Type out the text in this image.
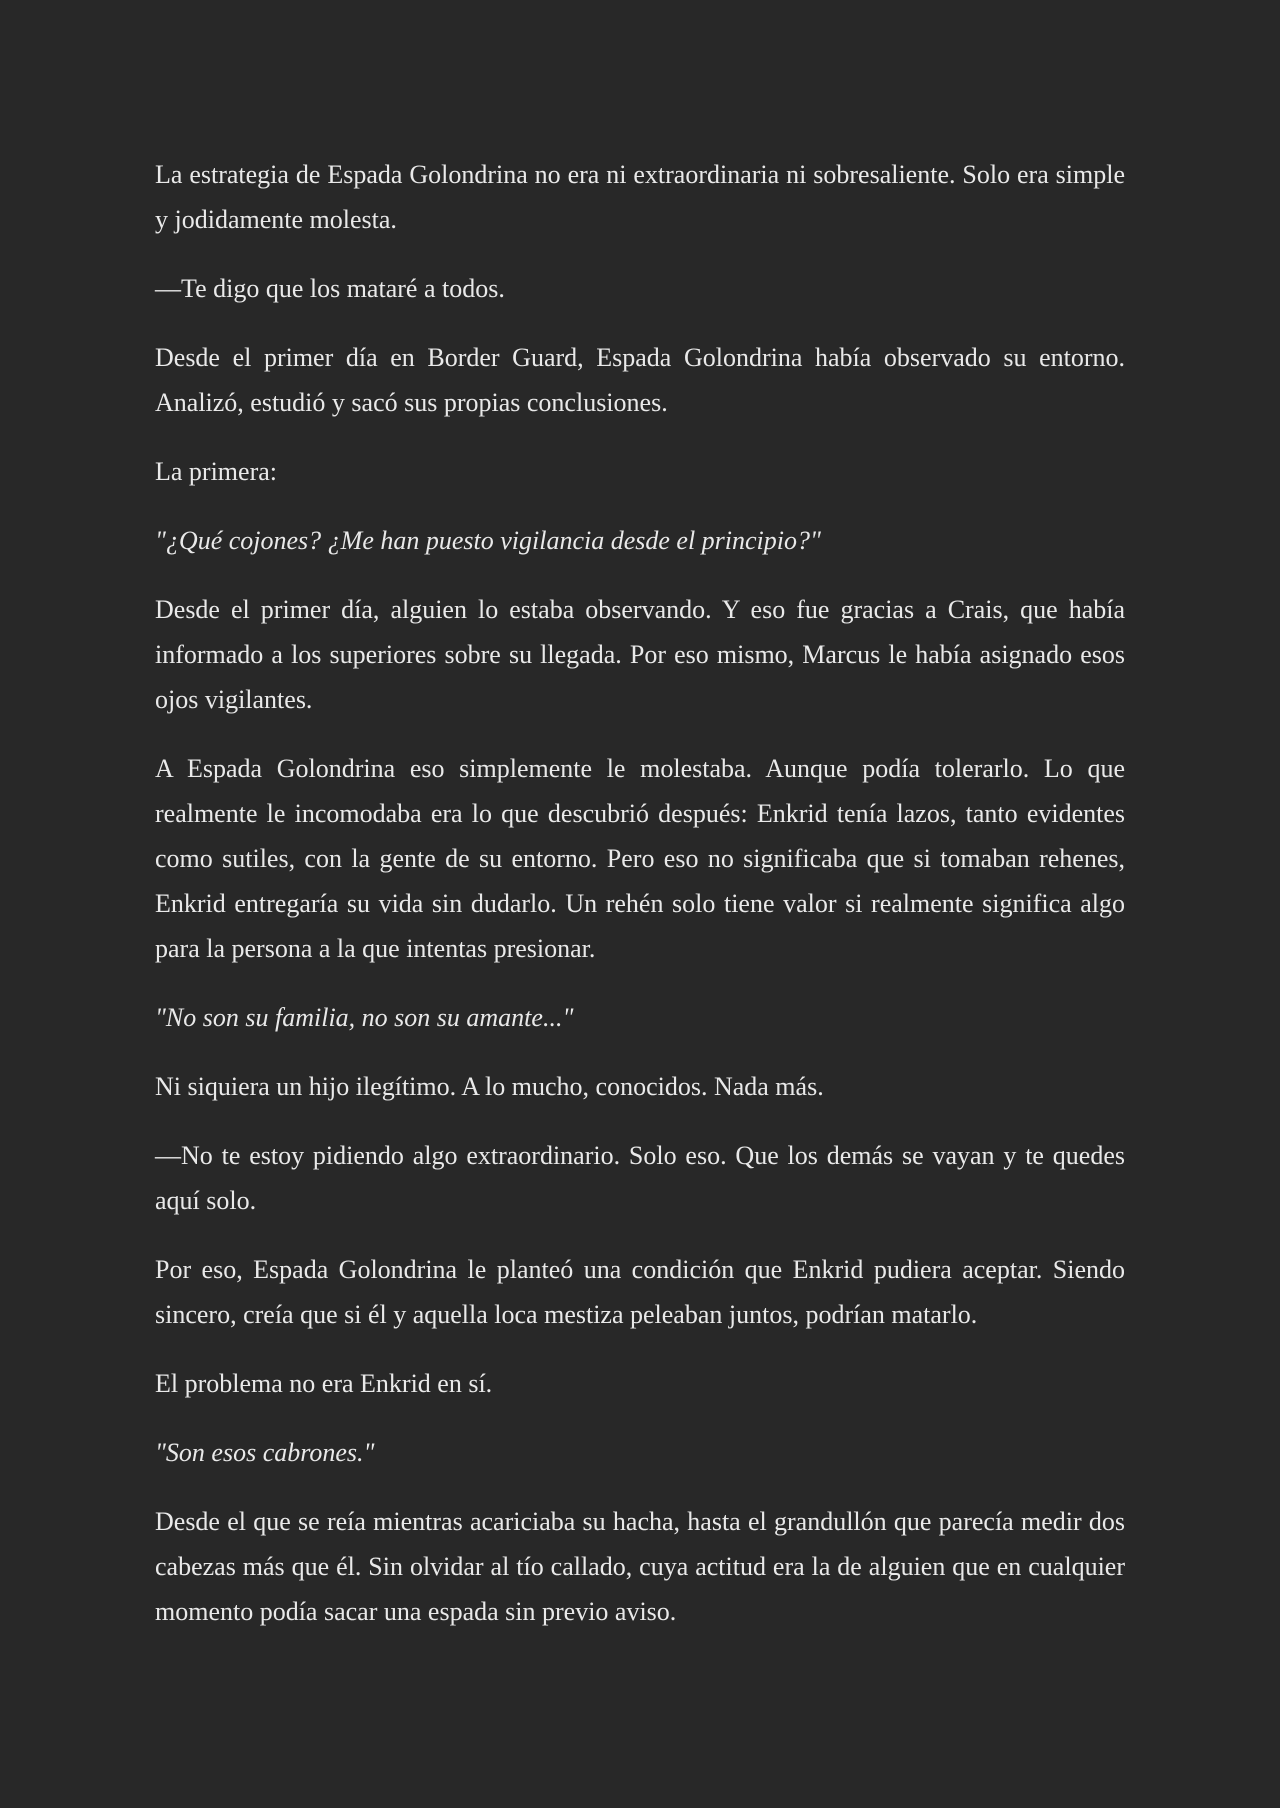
La estrategia de Espada Golondrina no era ni extraordinaria ni sobresaliente. Solo era simple y jodidamente molesta.

—Te digo que los mataré a todos.

Desde el primer día en Border Guard, Espada Golondrina había observado su entorno. Analizó, estudió y sacó sus propias conclusiones.

La primera:

"¿Qué cojones? ¿Me han puesto vigilancia desde el principio?"

Desde el primer día, alguien lo estaba observando. Y eso fue gracias a Crais, que había informado a los superiores sobre su llegada. Por eso mismo, Marcus le había asignado esos ojos vigilantes.

A Espada Golondrina eso simplemente le molestaba. Aunque podía tolerarlo. Lo que realmente le incomodaba era lo que descubrió después: Enkrid tenía lazos, tanto evidentes como sutiles, con la gente de su entorno. Pero eso no significaba que si tomaban rehenes, Enkrid entregaría su vida sin dudarlo. Un rehén solo tiene valor si realmente significa algo para la persona a la que intentas presionar.

"No son su familia, no son su amante..."

Ni siquiera un hijo ilegítimo. A lo mucho, conocidos. Nada más.

—No te estoy pidiendo algo extraordinario. Solo eso. Que los demás se vayan y te quedes aquí solo.

Por eso, Espada Golondrina le planteó una condición que Enkrid pudiera aceptar. Siendo sincero, creía que si él y aquella loca mestiza peleaban juntos, podrían matarlo.

El problema no era Enkrid en sí.

"Son esos cabrones."

Desde el que se reía mientras acariciaba su hacha, hasta el grandullón que parecía medir dos cabezas más que él. Sin olvidar al tío callado, cuya actitud era la de alguien que en cualquier momento podía sacar una espada sin previo aviso.
